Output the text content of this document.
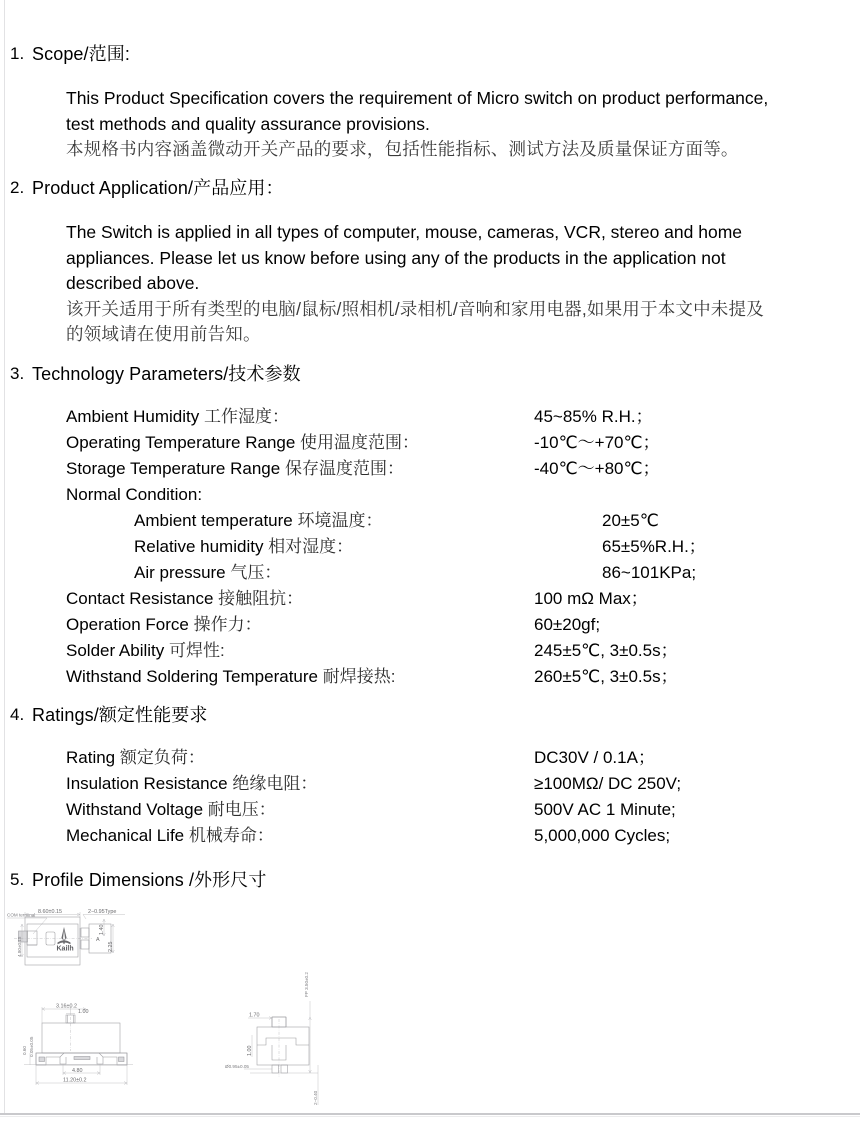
1. Scope/范围:
This Product Specification covers the requirement of Micro switch on product performance,
test methods and quality assurance provisions.
本规格书内容涵盖微动开关产品的要求，包括性能指标、测试方法及质量保证方面等。
2. Product Application/产品应用：
The Switch is applied in all types of computer, mouse, cameras, VCR, stereo and home
appliances. Please let us know before using any of the products in the application not
described above.
该开关适用于所有类型的电脑/鼠标/照相机/录相机/音响和家用电器,如果用于本文中未提及
的领域请在使用前告知。
3. Technology Parameters/技术参数
Ambient Humidity 工作湿度：	45~85% R.H.；
Operating Temperature Range 使用温度范围：	-10℃～+70℃；
Storage Temperature Range 保存温度范围：	-40℃～+80℃；
Normal Condition:
Ambient temperature 环境温度：	20±5℃
Relative humidity 相对湿度：	65±5%R.H.；
Air pressure 气压：	86~101KPa;
Contact Resistance 接触阻抗：	100 mΩ Max；
Operation Force 操作力：	60±20gf;
Solder Ability 可焊性:	245±5℃, 3±0.5s；
Withstand Soldering Temperature 耐焊接热:	260±5℃, 3±0.5s；
4. Ratings/额定性能要求
Rating 额定负荷：	DC30V / 0.1A；
Insulation Resistance 绝缘电阻：	≥100MΩ/ DC 250V;
Withstand Voltage 耐电压：	500V AC 1 Minute;
Mechanical Life 机械寿命：	5,000,000 Cycles;
5. Profile Dimensions /外形尺寸
COM terminal
Kailh
A
8.60±0.15	2−0.95Type
1.40
2.25
4.80±0.15
3.16±0.2
1.00
0.60 0.05±0.05
4.80
11.20±0.2
1.70
1.00
Ø0.95±0.05
2−0.40
FP 3.50±0.2
